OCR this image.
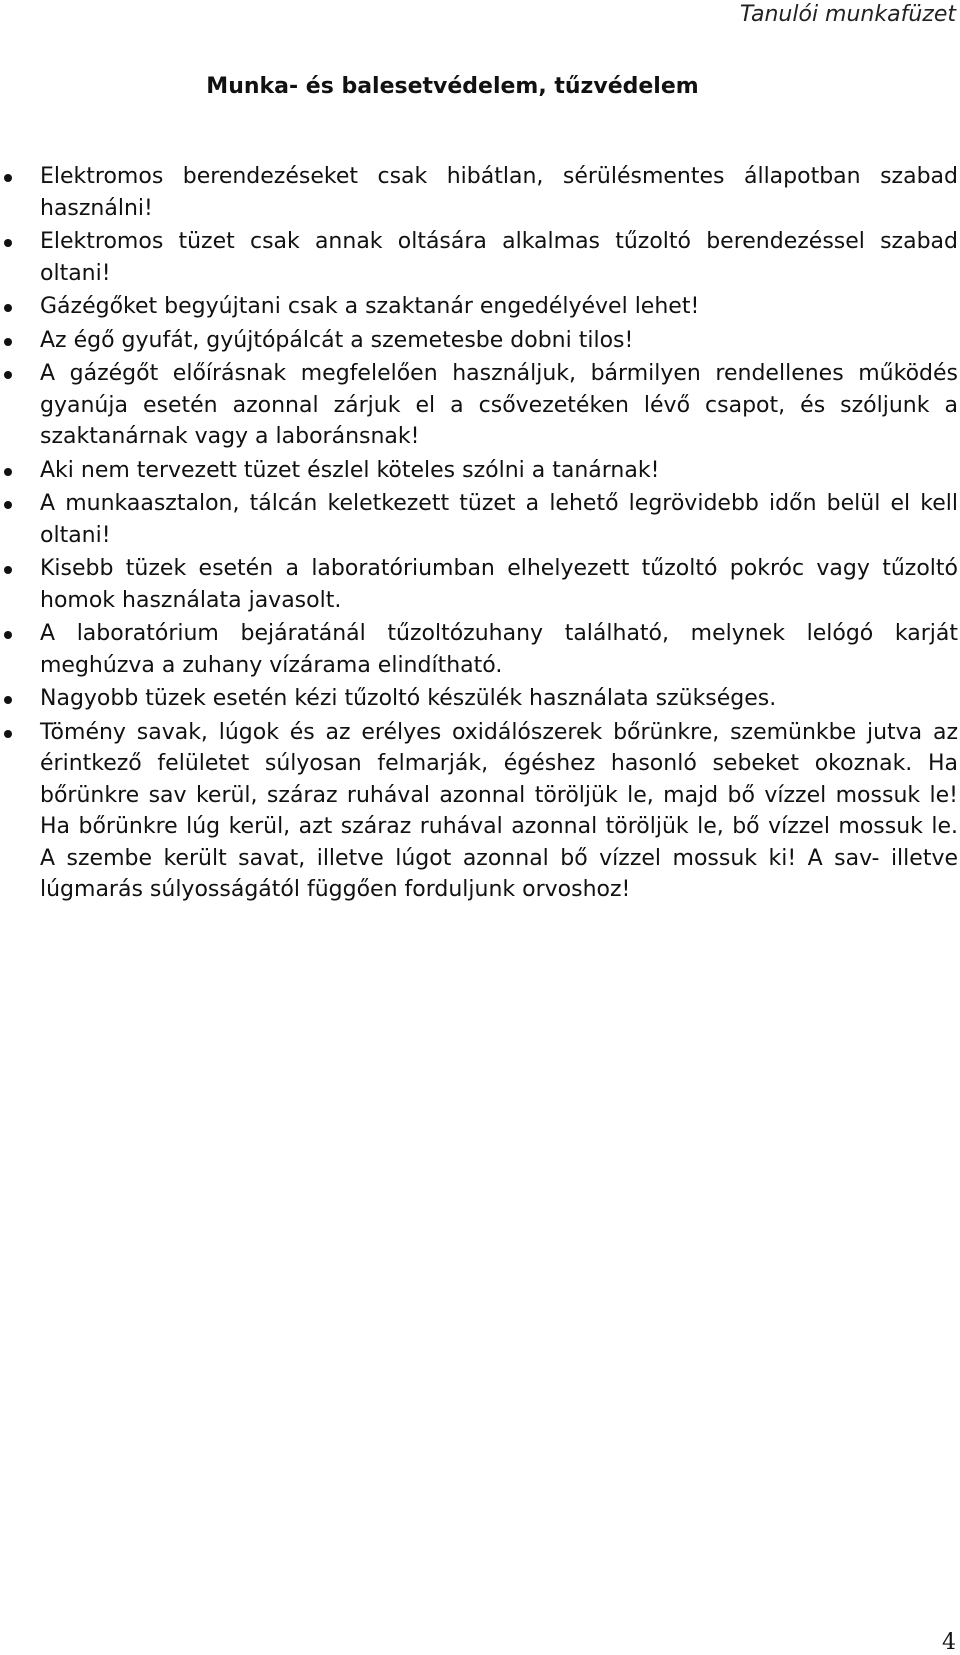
Tanulói munkafüzet

Munka- és balesetvédelem, tűzvédelem
Elektromos berendezéseket csak hibátlan, sérülésmentes állapotban szabad használni!
Elektromos tüzet csak annak oltására alkalmas tűzoltó berendezéssel szabad oltani!
Gázégőket begyújtani csak a szaktanár engedélyével lehet!
Az égő gyufát, gyújtópálcát a szemetesbe dobni tilos!
A gázégőt előírásnak megfelelően használjuk, bármilyen rendellenes működés gyanúja esetén azonnal zárjuk el a csővezetéken lévő csapot, és szóljunk a szaktanárnak vagy a laboránsnak!
Aki nem tervezett tüzet észlel köteles szólni a tanárnak!
A munkaasztalon, tálcán keletkezett tüzet a lehető legrövidebb időn belül el kell oltani!
Kisebb tüzek esetén a laboratóriumban elhelyezett tűzoltó pokróc vagy tűzoltó homok használata javasolt.
A laboratórium bejáratánál tűzoltózuhany található, melynek lelógó karját meghúzva a zuhany vízárama elindítható.
Nagyobb tüzek esetén kézi tűzoltó készülék használata szükséges.
Tömény savak, lúgok és az erélyes oxidálószerek bőrünkre, szemünkbe jutva az érintkező felületet súlyosan felmarják, égéshez hasonló sebeket okoznak. Ha bőrünkre sav kerül, száraz ruhával azonnal töröljük le, majd bő vízzel mossuk le! Ha bőrünkre lúg kerül, azt száraz ruhával azonnal töröljük le, bő vízzel mossuk le. A szembe került savat, illetve lúgot azonnal bő vízzel mossuk ki! A sav- illetve lúgmarás súlyosságától függően forduljunk orvoshoz!

4
